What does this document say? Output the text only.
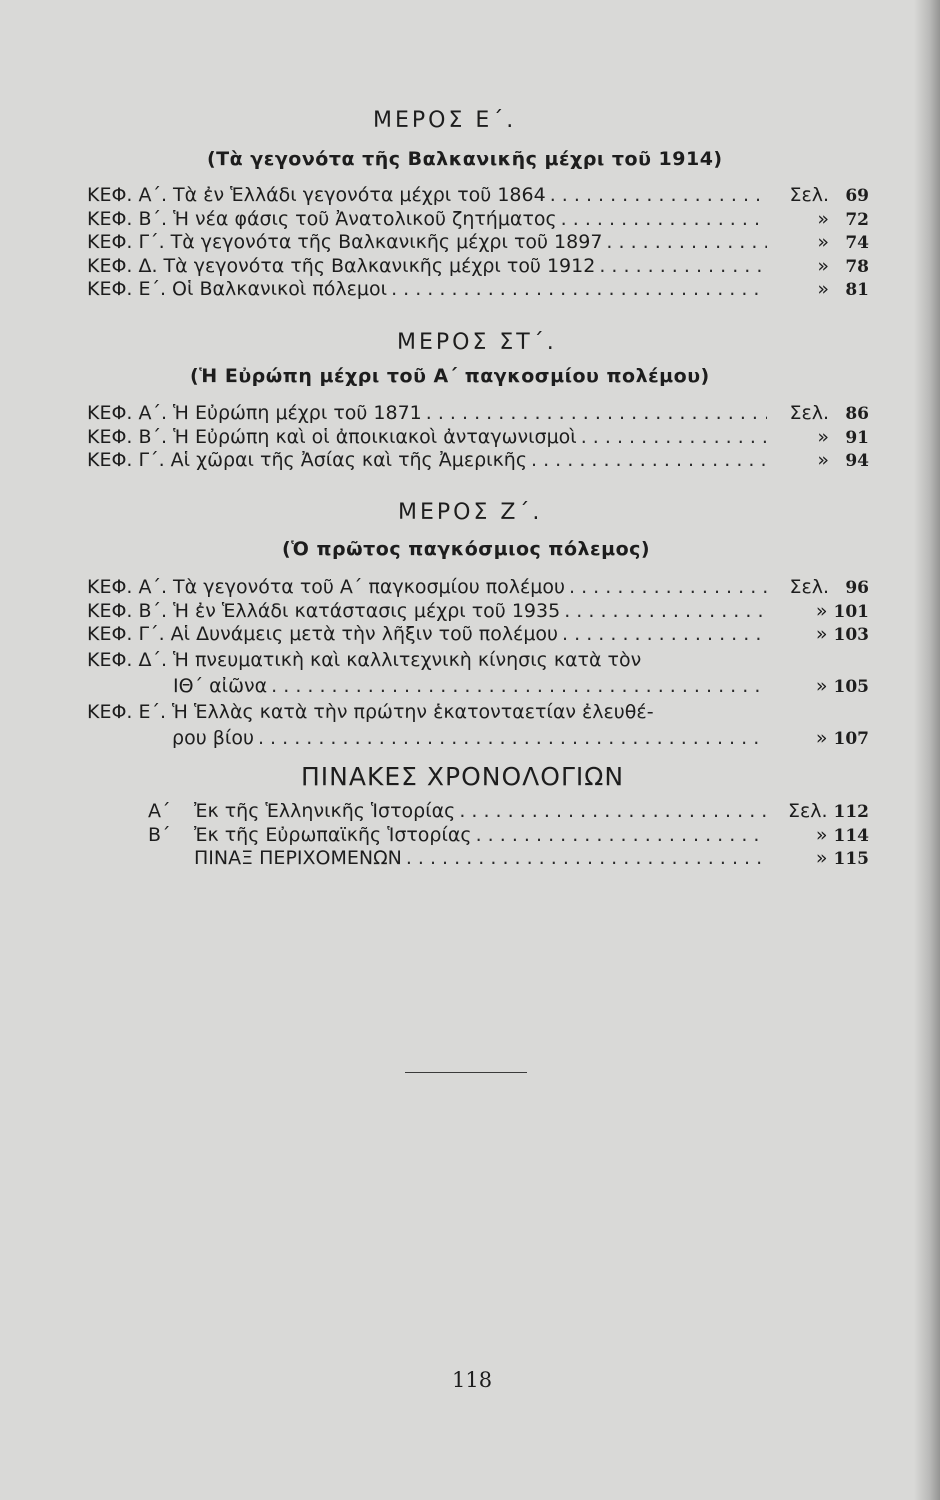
ΜΕΡΟΣ Ε΄.
(Τὰ γεγονότα τῆς Βαλκανικῆς μέχρι τοῦ 1914)
ΚΕΦ. Α΄. Τὰ ἐν Ἑλλάδι γεγονότα μέχρι τοῦ 1864 . . .	Σελ. 69
ΚΕΦ. Β΄. Ἡ νέα φάσις τοῦ Ἀνατολικοῦ ζητήματος . . .	» 72
ΚΕΦ. Γ΄. Τὰ γεγονότα τῆς Βαλκανικῆς μέχρι τοῦ 1897 . . .	» 74
ΚΕΦ. Δ. Τὰ γεγονότα τῆς Βαλκανικῆς μέχρι τοῦ 1912 . . .	» 78
ΚΕΦ. Ε΄. Οἱ Βαλκανικοὶ πόλεμοι . . .	» 81
ΜΕΡΟΣ ΣΤ΄.
(Ἡ Εὐρώπη μέχρι τοῦ Α΄ παγκοσμίου πολέμου)
ΚΕΦ. Α΄. Ἡ Εὐρώπη μέχρι τοῦ 1871 . . .	Σελ. 86
ΚΕΦ. Β΄. Ἡ Εὐρώπη καὶ οἱ ἀποικιακοὶ ἀνταγωνισμοὶ . . .	» 91
ΚΕΦ. Γ΄. Αἱ χῶραι τῆς Ἀσίας καὶ τῆς Ἀμερικῆς . . .	» 94
ΜΕΡΟΣ Ζ΄.
(Ὁ πρῶτος παγκόσμιος πόλεμος)
ΚΕΦ. Α΄. Τὰ γεγονότα τοῦ Α΄ παγκοσμίου πολέμου . . .	Σελ. 96
ΚΕΦ. Β΄. Ἡ ἐν Ἑλλάδι κατάστασις μέχρι τοῦ 1935 . . .	» 101
ΚΕΦ. Γ΄. Αἱ Δυνάμεις μετὰ τὴν λῆξιν τοῦ πολέμου . . .	» 103
ΚΕΦ. Δ΄. Ἡ πνευματικὴ καὶ καλλιτεχνικὴ κίνησις κατὰ τὸν
ΙΘ΄ αἰῶνα . . .	» 105
ΚΕΦ. Ε΄. Ἡ Ἑλλὰς κατὰ τὴν πρώτην ἑκατονταετίαν ἐλευθέ-
ρου βίου . . .	» 107
ΠΙΝΑΚΕΣ ΧΡΟΝΟΛΟΓΙΩΝ
Α΄	Ἐκ τῆς Ἑλληνικῆς Ἱστορίας . . .	Σελ. 112
Β΄	Ἐκ τῆς Εὐρωπαϊκῆς Ἱστορίας . . .	» 114
ΠΙΝΑΞ ΠΕΡΙΧΟΜΕΝΩΝ . . .	» 115
118
